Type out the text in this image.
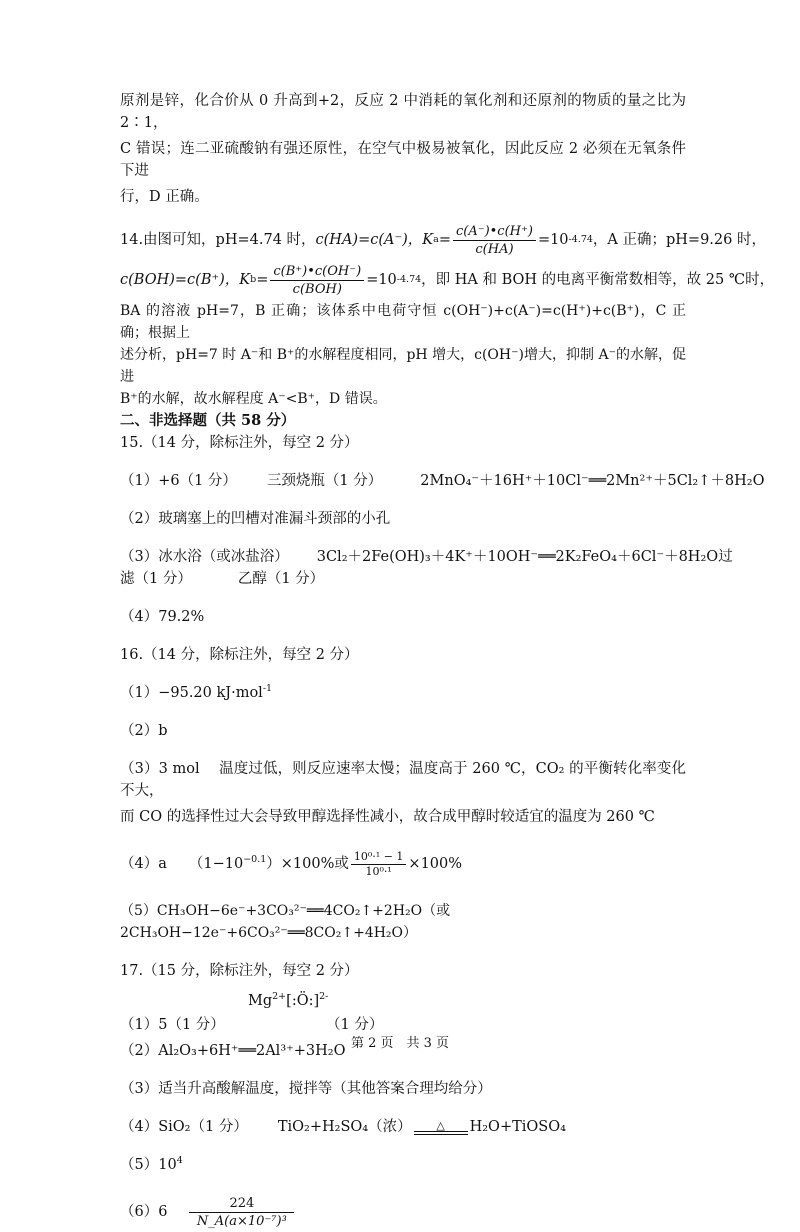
原剂是锌，化合价从 0 升高到+2，反应 2 中消耗的氧化剂和还原剂的物质的量之比为 2∶1，

C 错误；连二亚硫酸钠有强还原性，在空气中极易被氧化，因此反应 2 必须在无氧条件下进

行，D 正确。

14.由图可知，pH=4.74 时， c(HA)=c(A⁻)， K $a = \frac{c(A^-)•c(H^+)}{c(HA)} =10$ -4.74 ，A 正确；pH=9.26 时，
c(BOH)=c(B⁺)， K $b = \frac{c(B^+)•c(OH^-)}{\text{c(BOH)}} =10$ -4.74 ，即 HA 和 BOH 的电离平衡常数相等，故 25 ℃时，

BA 的溶液 pH=7，B 正确；该体系中电荷守恒 c(OH⁻)+c(A⁻)=c(H⁺)+c(B⁺)，C 正确；根据上

述分析，pH=7 时 A⁻和 B⁺的水解程度相同，pH 增大，c(OH⁻)增大，抑制 A⁻的水解，促进

B⁺的水解，故水解程度 A⁻<B⁺，D 错误。

二、非选择题（共 58 分）

15.（14 分，除标注外，每空 2 分）

（1）+6（1 分） 三颈烧瓶（1 分）	2MnO₄⁻＋16H⁺＋10Cl⁻══2Mn²⁺＋5Cl₂↑＋8H₂O

（2）玻璃塞上的凹槽对准漏斗颈部的小孔

（3）冰水浴（或冰盐浴） 3Cl₂＋2Fe(OH)₃＋4K⁺＋10OH⁻══2K₂FeO₄＋6Cl⁻＋8H₂O 过
滤（1 分）	乙醇（1 分）

（4）79.2%

16.（14 分，除标注外，每空 2 分）

（1）−95.20 kJ·mol$^{-1}$

（2）b

（3）3 mol　 温度过低，则反应速率太慢；温度高于 260 ℃，CO₂ 的平衡转化率变化不大，

而 CO 的选择性过大会导致甲醇选择性减小，故合成甲醇时较适宜的温度为 260 ℃

（4）a $(1-10^{-0.1})\times 100\%$或 $\frac{\text{10⁰·¹ − 1}}{\text{10⁰·¹}} \times 100\%$

（5）CH₃OH−6e⁻+3CO₃²⁻══4CO₂↑+2H₂O（或 2CH₃OH−12e⁻+6CO₃²⁻══8CO₂↑+4H₂O）

17.（15 分，除标注外，每空 2 分）

$Mg^{2+}[:Ö:]^{2-}$
（1）5（1 分）	（1 分）

（2）Al₂O₃+6H⁺══2Al³⁺+3H₂O

（3）适当升高酸解温度，搅拌等（其他答案合理均给分）

（4）SiO₂（1 分） TiO₂+H₂SO₄（浓） △ H₂O+TiOSO₄

$(5)10^4$

$(6)6 \frac{224}{\text{N\_A(a×10⁻⁷)³}}$
第 2 页　共 3 页
